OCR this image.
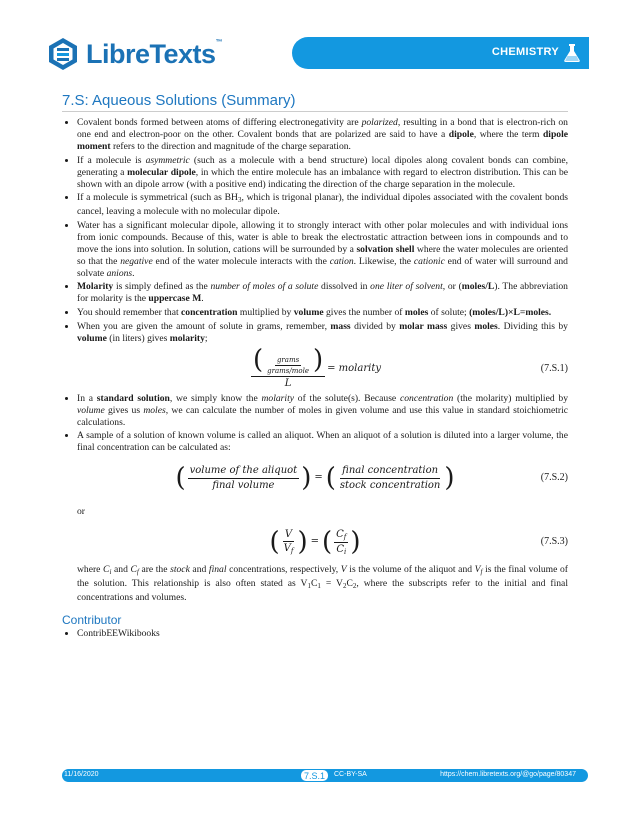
LibreTexts™
CHEMISTRY
7.S: Aqueous Solutions (Summary)
• Covalent bonds formed between atoms of differing electronegativity are polarized, resulting in a bond that is electron-rich on one end and electron-poor on the other. Covalent bonds that are polarized are said to have a dipole, where the term dipole moment refers to the direction and magnitude of the charge separation.
• If a molecule is asymmetric (such as a molecule with a bend structure) local dipoles along covalent bonds can combine, generating a molecular dipole, in which the entire molecule has an imbalance with regard to electron distribution. This can be shown with an dipole arrow (with a positive end) indicating the direction of the charge separation in the molecule.
• If a molecule is symmetrical (such as $BH_3$, which is trigonal planar), the individual dipoles associated with the covalent bonds cancel, leaving a molecule with no molecular dipole.
• Water has a significant molecular dipole, allowing it to strongly interact with other polar molecules and with individual ions from ionic compounds. Because of this, water is able to break the electrostatic attraction between ions in compounds and to move the ions into solution. In solution, cations will be surrounded by a solvation shell where the water molecules are oriented so that the negative end of the water molecule interacts with the cation. Likewise, the cationic end of water will surround and solvate anions.
• Molarity is simply defined as the number of moles of a solute dissolved in one liter of solvent, or (moles/L). The abbreviation for molarity is the uppercase M.
• You should remember that concentration multiplied by volume gives the number of moles of solute; (moles/L)×L=moles.
• When you are given the amount of solute in grams, remember, mass divided by molar mass gives moles. Dividing this by volume (in liters) gives molarity;
$\frac{( \frac{\text{grams}}{\text{grams/mole}} )}{L}$ = molarity	(7.S.1)
• In a standard solution, we simply know the molarity of the solute(s). Because concentration (the molarity) multiplied by volume gives us moles, we can calculate the number of moles in given volume and use this value in standard stoichiometric calculations.
• A sample of a solution of known volume is called an aliquot. When an aliquot of a solution is diluted into a larger volume, the final concentration can be calculated as:
( $\frac{\text{volume of the aliquot}}{\text{final volume}}$ ) = ( $\frac{\text{final concentration}}{\text{stock concentration}}$ )	(7.S.2)
or
( $\frac{V}{V_f}$ ) = ( $\frac{C_f}{C_i}$ )	(7.S.3)

where $C_i$ and $C_f$ are the stock and final concentrations, respectively, V is the volume of the aliquot and $V_f$ is the final volume of the solution. This relationship is also often stated as $V_1C_1 = V_2C_2$, where the subscripts refer to the initial and final concentrations and volumes.

Contributor
• ContribEEWikibooks
11/16/2020	7.S.1	CC-BY-SA	https://chem.libretexts.org/@go/page/80347
